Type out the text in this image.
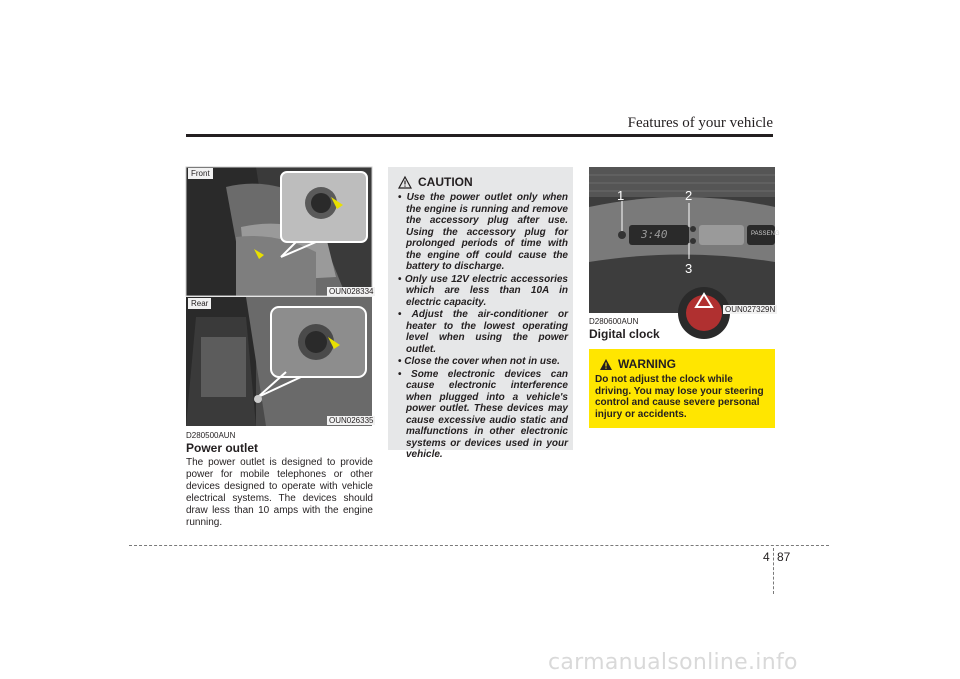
Features of your vehicle
Front
OUN028334
Rear
OUN026335
D280500AUN
Power outlet
The power outlet is designed to provide power for mobile telephones or other devices designed to operate with vehicle electrical systems. The devices should draw less than 10 amps with the engine running.
CAUTION
• Use the power outlet only when the engine is running and remove the accessory plug after use. Using the accessory plug for prolonged periods of time with the engine off could cause the battery to discharge.
• Only use 12V electric accessories which are less than 10A in electric capacity.
• Adjust the air-conditioner or heater to the lowest operating level when using the power outlet.
• Close the cover when not in use.
• Some electronic devices can cause electronic interference when plugged into a vehicle's power outlet. These devices may cause excessive audio static and malfunctions in other electronic systems or devices used in your vehicle.
1	2
3
3:40	PASSENG
OUN027329N
D280600AUN
Digital clock
WARNING
Do not adjust the clock while driving. You may lose your steering control and cause severe personal injury or accidents.
4 87
carmanualsonline.info
